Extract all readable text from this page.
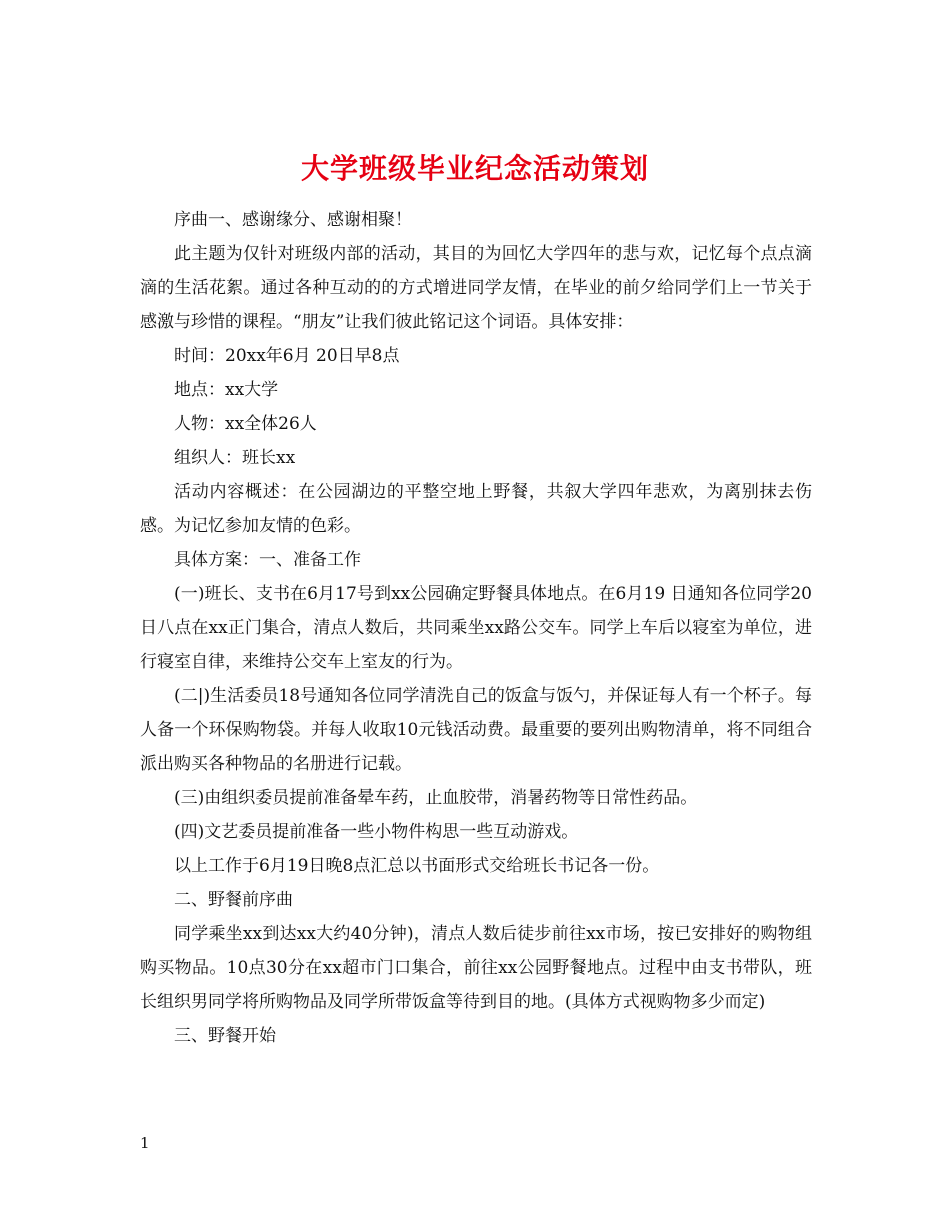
大学班级毕业纪念活动策划

序曲一、感谢缘分、感谢相聚！

此主题为仅针对班级内部的活动，其目的为回忆大学四年的悲与欢，记忆每个点点滴滴的生活花絮。通过各种互动的的方式增进同学友情，在毕业的前夕给同学们上一节关于感激与珍惜的课程。“朋友”让我们彼此铭记这个词语。具体安排：

时间：20xx年6月 20日早8点

地点：xx大学

人物：xx全体26人

组织人：班长xx

活动内容概述：在公园湖边的平整空地上野餐，共叙大学四年悲欢，为离别抹去伤感。为记忆参加友情的色彩。

具体方案：一、准备工作

(一)班长、支书在6月17号到xx公园确定野餐具体地点。在6月19 日通知各位同学20日八点在xx正门集合，清点人数后，共同乘坐xx路公交车。同学上车后以寝室为单位，进行寝室自律，来维持公交车上室友的行为。

(二|)生活委员18号通知各位同学清洗自己的饭盒与饭勺，并保证每人有一个杯子。每人备一个环保购物袋。并每人收取10元钱活动费。最重要的要列出购物清单，将不同组合派出购买各种物品的名册进行记载。

(三)由组织委员提前准备晕车药，止血胶带，消暑药物等日常性药品。

(四)文艺委员提前准备一些小物件构思一些互动游戏。

以上工作于6月19日晚8点汇总以书面形式交给班长书记各一份。

二、野餐前序曲

同学乘坐xx到达xx大约40分钟)，清点人数后徒步前往xx市场，按已安排好的购物组购买物品。10点30分在xx超市门口集合，前往xx公园野餐地点。过程中由支书带队，班长组织男同学将所购物品及同学所带饭盒等待到目的地。(具体方式视购物多少而定)

三、野餐开始

1
